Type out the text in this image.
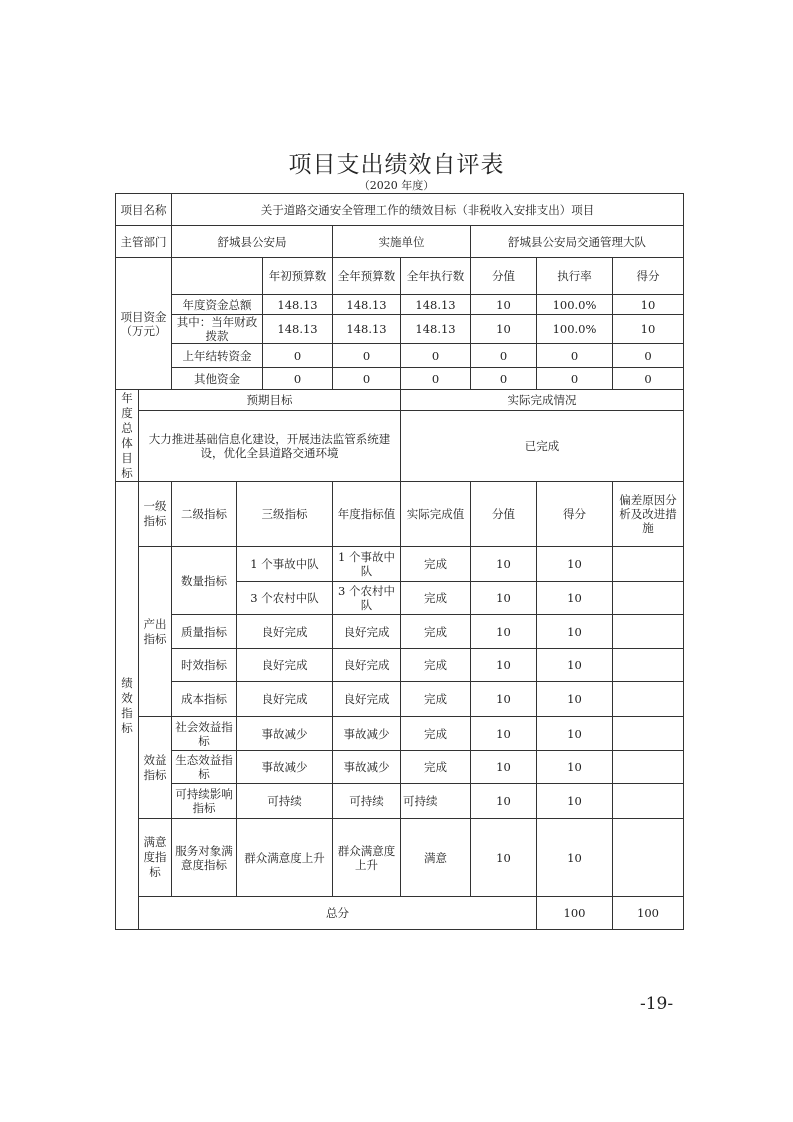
项目支出绩效自评表
（2020 年度）
项目名称		关于道路交通安全管理工作的绩效目标（非税收入安排支出）项目								
主管部门		舒城县公安局			实施单位		舒城县公安局交通管理大队			
项目资金（万元）				年初预算数	全年预算数	全年执行数	分值	执行率	得分	
		年度资金总额		148.13	148.13	148.13	10	100.0%	10	
		其中：当年财政拨款		148.13	148.13	148.13	10	100.0%	10	
		上年结转资金		0	0	0	0	0	0	
		其他资金		0	0	0	0	0	0	
年度总体目标	预期目标					实际完成情况				
	大力推进基础信息化建设，开展违法监管系统建设，优化全县道路交通环境					已完成				
绩效指标	一级指标	二级指标	三级指标		年度指标值	实际完成值	分值	得分	偏差原因分析及改进措施	
	产出指标	数量指标	1 个事故中队		1 个事故中队	完成	10	10		
			3 个农村中队		3 个农村中队	完成	10	10		
		质量指标	良好完成		良好完成	完成	10	10		
		时效指标	良好完成		良好完成	完成	10	10		
		成本指标	良好完成		良好完成	完成	10	10		
	效益指标	社会效益指标	事故减少		事故减少	完成	10	10		
		生态效益指标	事故减少		事故减少	完成	10	10		
		可持续影响指标	可持续		可持续	可持续	10	10		
	满意度指标	服务对象满意度指标	群众满意度上升		群众满意度上升	满意	10	10		
	总分							100	100	
-19-
